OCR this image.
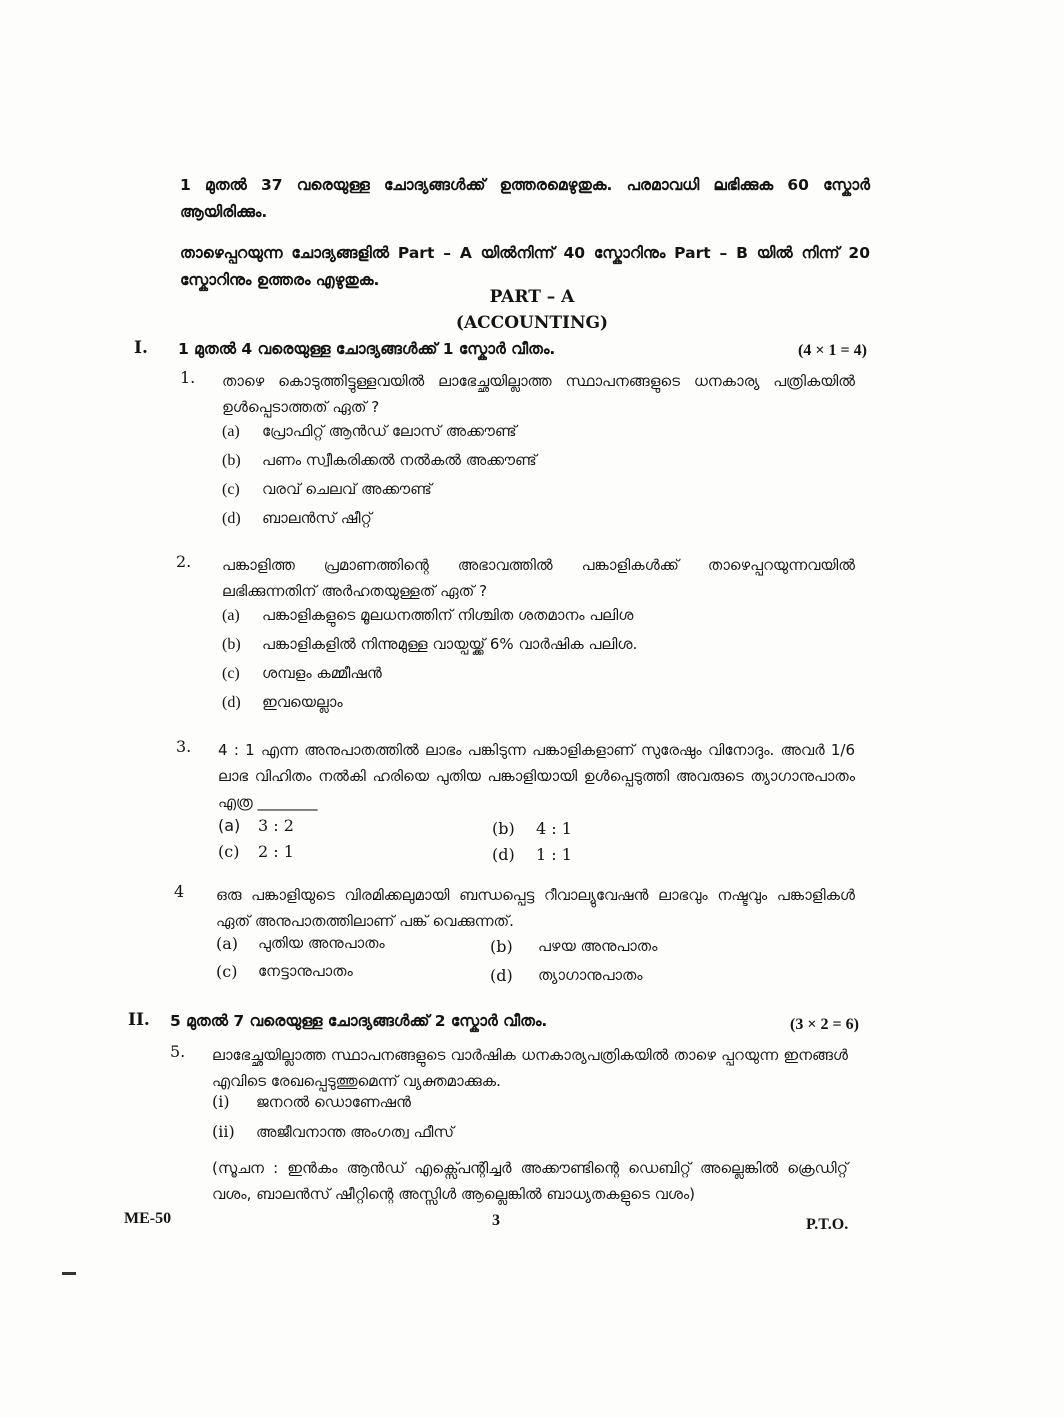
1 മുതൽ 37 വരെയുള്ള ചോദ്യങ്ങൾക്ക് ഉത്തരമെഴുതുക. പരമാവധി ലഭിക്കുക 60 സ്കോർ ആയിരിക്കും.
താഴെപ്പറയുന്ന ചോദ്യങ്ങളിൽ Part – A യിൽനിന്ന് 40 സ്കോറിനും Part – B യിൽ നിന്ന് 20 സ്കോറിനും ഉത്തരം എഴുതുക.
PART – A
(ACCOUNTING)
I. 1 മുതൽ 4 വരെയുള്ള ചോദ്യങ്ങൾക്ക് 1 സ്കോർ വീതം.	(4 × 1 = 4)
1. താഴെ കൊടുത്തിട്ടുള്ളവയിൽ ലാഭേച്ഛയില്ലാത്ത സ്ഥാപനങ്ങളുടെ ധനകാര്യ പത്രികയിൽ ഉൾപ്പെടാത്തത് ഏത് ?
(a)	പ്രോഫിറ്റ് ആൻഡ് ലോസ് അക്കൗണ്ട്
(b)	പണം സ്വീകരിക്കൽ നൽകൽ അക്കൗണ്ട്
(c)	വരവ് ചെലവ് അക്കൗണ്ട്
(d)	ബാലൻസ് ഷീറ്റ്
2. പങ്കാളിത്ത പ്രമാണത്തിന്റെ അഭാവത്തിൽ പങ്കാളികൾക്ക് താഴെപ്പറയുന്നവയിൽ ലഭിക്കുന്നതിന് അർഹതയുള്ളത് ഏത് ?
(a)	പങ്കാളികളുടെ മൂലധനത്തിന് നിശ്ചിത ശതമാനം പലിശ
(b)	പങ്കാളികളിൽ നിന്നുമുള്ള വായ്പയ്ക്ക് 6% വാർഷിക പലിശ.
(c)	ശമ്പളം കമ്മീഷൻ
(d)	ഇവയെല്ലാം
3. 4 : 1 എന്ന അനുപാതത്തിൽ ലാഭം പങ്കിടുന്ന പങ്കാളികളാണ് സുരേഷും വിനോദും. അവർ 1/6 ലാഭ വിഹിതം നൽകി ഹരിയെ പുതിയ പങ്കാളിയായി ഉൾപ്പെടുത്തി അവരുടെ ത്യാഗാനുപാതം എത്ര ________
(a) 3 : 2	(b) 4 : 1
(c) 2 : 1	(d) 1 : 1
4 ഒരു പങ്കാളിയുടെ വിരമിക്കലുമായി ബന്ധപ്പെട്ട റീവാല്യുവേഷൻ ലാഭവും നഷ്ടവും പങ്കാളികൾ ഏത് അനുപാതത്തിലാണ് പങ്ക് വെക്കുന്നത്.
(a) പുതിയ അനുപാതം	(b) പഴയ അനുപാതം
(c) നേട്ടാനുപാതം	(d) ത്യാഗാനുപാതം
II. 5 മുതൽ 7 വരെയുള്ള ചോദ്യങ്ങൾക്ക് 2 സ്കോർ വീതം.	(3 × 2 = 6)
5. ലാഭേച്ഛയില്ലാത്ത സ്ഥാപനങ്ങളുടെ വാർഷിക ധനകാര്യപത്രികയിൽ താഴെ പ്പറയുന്ന ഇനങ്ങൾ എവിടെ രേഖപ്പെടുത്തുമെന്ന് വ്യക്തമാക്കുക.
(i) ജനറൽ ഡൊണേഷൻ
(ii) അജീവനാന്ത അംഗത്വ ഫീസ്
(സൂചന : ഇൻകം ആൻഡ് എക്സ്പെന്റിച്ചർ അക്കൗണ്ടിന്റെ ഡെബിറ്റ് അല്ലെങ്കിൽ ക്രെഡിറ്റ് വശം, ബാലൻസ് ഷീറ്റിന്റെ അസ്സിൾ ആല്ലെങ്കിൽ ബാധ്യതകളുടെ വശം)
ME-50	3	P.T.O.
